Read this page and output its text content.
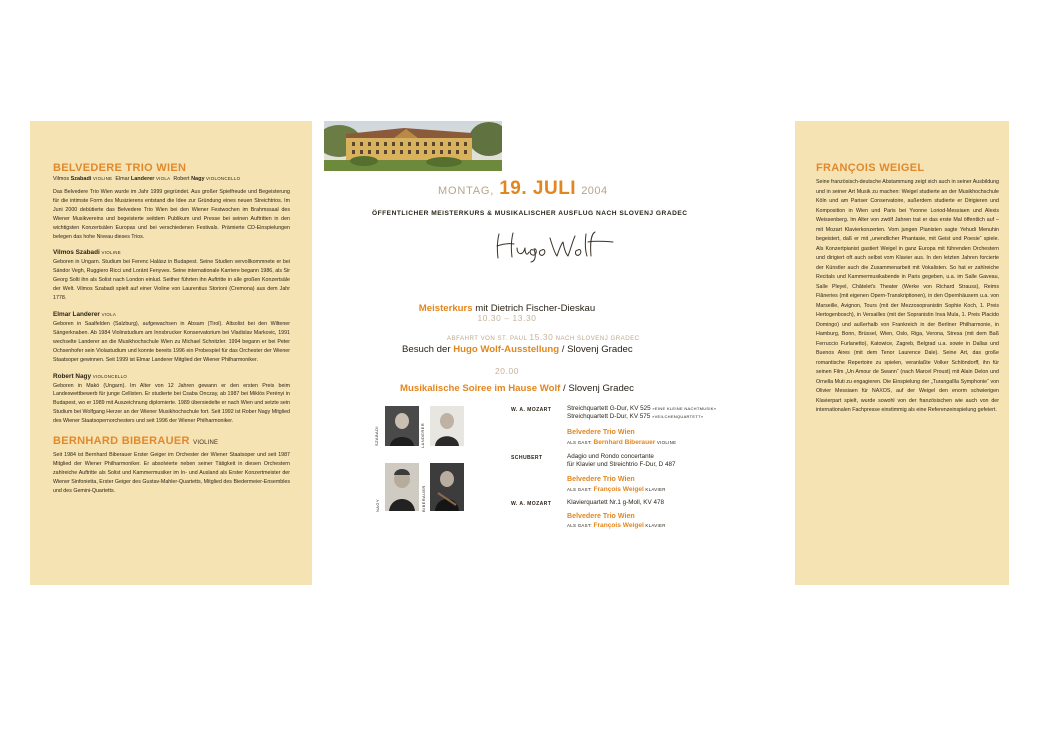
BELVEDERE TRIO WIEN
Vilmos Szabadi VIOLINE Elmar Landerer VIOLA Robert Nagy VIOLONCELLO

Das Belvedere Trio Wien wurde im Jahr 1999 gegründet. Aus großer Spielfreude und Begeisterung für die intimste Form des Musizierens entstand die Idee zur Gründung eines neuen Streichtrios. Im Juni 2000 debütierte das Belvedere Trio Wien bei den Wiener Festwochen im Brahmssaal des Wiener Musikvereins und begeisterte seitdem Publikum und Presse bei seinen Auftritten in den wichtigsten Konzertsälen Europas und bei verschiedenen Festivals. Prämierte CD-Einspielungen belegen das hohe Niveau dieses Trios.

Vilmos Szabadi VIOLINE

Geboren in Ungarn. Studium bei Ferenc Halász in Budapest. Seine Studien vervollkommnete er bei Sándor Vegh, Ruggiero Ricci und Loránt Fenyves. Seine internationale Karriere begann 1986, als Sir Georg Solti ihn als Solist nach London einlud. Seither führten ihn Auftritte in alle großen Konzertsäle der Welt. Vilmos Szabadi spielt auf einer Violine von Laurentius Storioni (Cremona) aus dem Jahr 1778.

Elmar Landerer VIOLA

Geboren in Saalfelden (Salzburg), aufgewachsen in Absam (Tirol). Altsolist bei den Wiltener Sängerknaben. Ab 1984 Violinstudium am Innsbrucker Konservatorium bei Vladislav Markovic, 1991 wechselte Landerer an die Musikhochschule Wien zu Michael Schnitzler. 1994 begann er bei Peter Ochsenhofer sein Violastudium und konnte bereits 1996 ein Probespiel für das Orchester der Wiener Staatsoper gewinnen. Seit 1999 ist Elmar Landerer Mitglied der Wiener Philharmoniker.

Robert Nagy VIOLONCELLO

Geboren in Makó (Ungarn). Im Alter von 12 Jahren gewann er den ersten Preis beim Landeswettbewerb für junge Cellisten. Er studierte bei Csaba Onczay, ab 1987 bei Miklós Perényi in Budapest, wo er 1989 mit Auszeichnung diplomierte. 1989 übersiedelte er nach Wien und setzte sein Studium bei Wolfgang Herzer an der Wiener Musikhochschule fort. Seit 1992 ist Rober Nagy Mitglied des Wiener Staatsopernorchesters und seit 1996 der Wiener Philharmoniker.

BERNHARD BIBERAUER VIOLINE

Seit 1984 ist Bernhard Biberauer Erster Geiger im Orchester der Wiener Staatsoper und seit 1987 Mitglied der Wiener Philharmoniker. Er absolvierte neben seiner Tätigkeit in diesen Orchestern zahlreiche Auftritte als Solist und Kammermusiker im In- und Ausland als Erster Konzertmeister der Wiener Sinfonietta, Erster Geiger des Gustav-Mahler-Quartetts, Mitglied des Biedermeier-Ensembles und des Gemini-Quartetts.

MONTAG, 19. JULI 2004
ÖFFENTLICHER MEISTERKURS & MUSIKALISCHER AUSFLUG NACH SLOVENJ GRADEC
10.30 – 13.30
Meisterkurs mit Dietrich Fischer-Dieskau
ABFAHRT VON ST. PAUL 15.30 NACH SLOVENJ GRADEC
Besuch der Hugo Wolf-Ausstellung / Slovenj Gradec
20.00
Musikalische Soiree im Hause Wolf / Slovenj Gradec
SZABADI	LANDERER
NAGY	BIBERAUER
W. A. MOZART Streichquartett G-Dur, KV 525 »EINE KLEINE NACHTMUSIK«
Streichquartett D-Dur, KV 575 »VEILCHENQUARTETT«
Belvedere Trio Wien
ALS GAST: Bernhard Biberauer VIOLINE
SCHUBERT	Adagio und Rondo concertante
für Klavier und Streichtrio F-Dur, D 487
Belvedere Trio Wien
ALS GAST: François Weigel KLAVIER
W. A. MOZART Klavierquartett Nr.1 g-Moll, KV 478
Belvedere Trio Wien
ALS GAST: François Weigel KLAVIER
FRANÇOIS WEIGEL

Seine französisch-deutsche Abstammung zeigt sich auch in seiner Ausbildung und in seiner Art Musik zu machen: Weigel studierte an der Musikhochschule Köln und am Pariser Conservatoire, außerdem studierte er Dirigieren und Komposition in Wien und Paris bei Yvonne Loriod-Messiaen und Alexis Weissenberg. Im Alter von zwölf Jahren trat er das erste Mal öffentlich auf – mit Mozart Klavierkonzerten. Vom jungen Pianisten sagte Yehudi Menuhin begeistert, daß er mit „unendlicher Phantasie, mit Geist und Poesie“ spiele. Als Konzertpianist gastiert Weigel in ganz Europa mit führenden Orchestern und dirigiert oft auch selbst vom Klavier aus. In den letzten Jahren forcierte der Künstler auch die Zusammenarbeit mit Vokalisten. So hat er zahlreiche Recitals und Kammermusikabende in Paris gegeben, u.a. im Salle Gaveau, Salle Pleyel, Châtelet's Theater (Werke von Richard Strauss), Reims Flâneries (mit eigenen Opern-Transkriptionen), in den Opernhäusern u.a. von Marseille, Avignon, Tours (mit der Mezzosopranistin Sophie Koch, 1. Preis Hertogenbosch), in Versailles (mit der Sopranistin Inva Mula, 1. Preis Placido Domingo) und außerhalb von Frankreich in der Berliner Philharmonie, in Hamburg, Bonn, Brüssel, Wien, Oslo, Riga, Verona, Stresa (mit dem Baß Ferruccio Furlanetto), Katowice, Zagreb, Belgrad u.a. sowie in Dallas und Buenos Aires (mit dem Tenor Laurence Dale). Seine Art, das große romantische Repertoire zu spielen, veranlaßte Volker Schlöndorff, ihn für seinen Film „Un Amour de Swann“ (nach Marcel Proust) mit Alain Delon und Ornella Muti zu engagieren. Die Einspielung der „Turangalîla Symphonie“ von Olivier Messiaen für NAXOS, auf der Weigel den enorm schwierigen Klavierpart spielt, wurde sowohl von der französischen wie auch von der internationalen Fachpresse einstimmig als eine Referenzeinspielung gefeiert.
